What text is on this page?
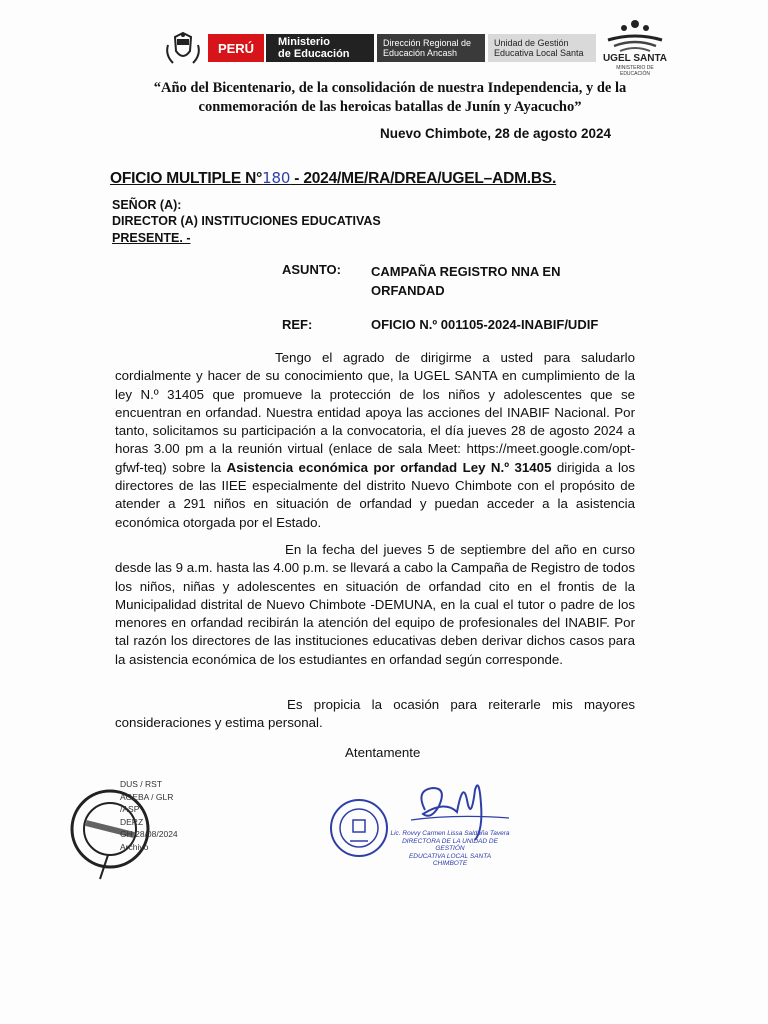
PERÚ	Ministerio
de Educación
Dirección Regional de
Educación Ancash
Unidad de Gestión
Educativa Local Santa	UGEL SANTA
MINISTERIO DE EDUCACIÓN
“Año del Bicentenario, de la consolidación de nuestra Independencia, y de la conmemoración de las heroicas batallas de Junín y Ayacucho”
Nuevo Chimbote, 28 de agosto 2024
OFICIO MULTIPLE N°180 - 2024/ME/RA/DREA/UGEL–ADM.BS.
SEÑOR (A):
DIRECTOR (A) INSTITUCIONES EDUCATIVAS
PRESENTE. -
ASUNTO: CAMPAÑA REGISTRO NNA EN ORFANDAD
REF:	OFICIO N.º 001105-2024-INABIF/UDIF
Tengo el agrado de dirigirme a usted para saludarlo cordialmente y hacer de su conocimiento que, la UGEL SANTA en cumplimiento de la ley N.º 31405 que promueve la protección de los niños y adolescentes que se encuentran en orfandad. Nuestra entidad apoya las acciones del INABIF Nacional. Por tanto, solicitamos su participación a la convocatoria, el día jueves 28 de agosto 2024 a horas 3.00 pm a la reunión virtual (enlace de sala Meet: https://meet.google.com/opt-gfwf-teq) sobre la Asistencia económica por orfandad Ley N.º 31405 dirigida a los directores de las IIEE especialmente del distrito Nuevo Chimbote con el propósito de atender a 291 niños en situación de orfandad y puedan acceder a la asistencia económica otorgada por el Estado.
En la fecha del jueves 5 de septiembre del año en curso desde las 9 a.m. hasta las 4.00 p.m. se llevará a cabo la Campaña de Registro de todos los niños, niñas y adolescentes en situación de orfandad cito en el frontis de la Municipalidad distrital de Nuevo Chimbote -DEMUNA, en la cual el tutor o padre de los menores en orfandad recibirán la atención del equipo de profesionales del INABIF. Por tal razón los directores de las instituciones educativas deben derivar dichos casos para la asistencia económica de los estudiantes en orfandad según corresponde.
Es propicia la ocasión para reiterarle mis mayores consideraciones y estima personal.
Atentamente
DUS / RST
AGEBA / GLR
/ASP
DERZ
GH 28/08/2024
Archivo
Lic. Rovvy Carmen Lissa Saldaña Tavera
DIRECTORA DE LA UNIDAD DE GESTIÓN
EDUCATIVA LOCAL SANTA
CHIMBOTE
